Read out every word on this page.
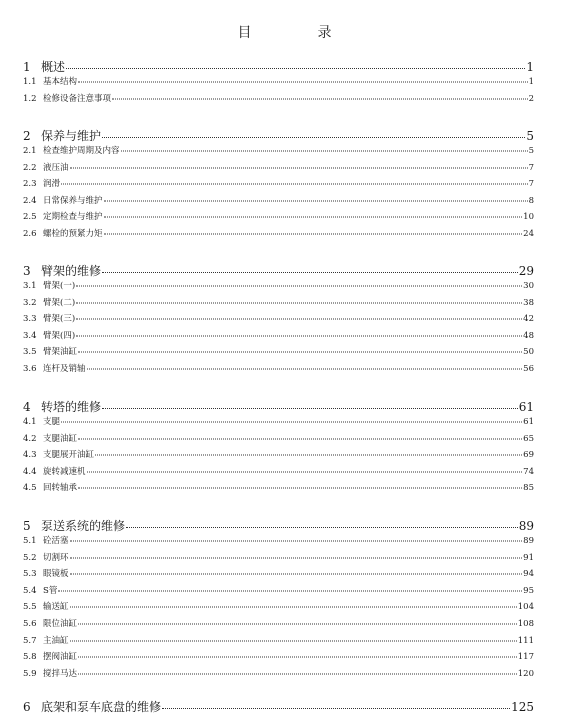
目　录
1 概述	1
1.1 基本结构	1
1.2 检修设备注意事项	2
2 保养与维护	5
2.1 检查维护周期及内容	5
2.2 液压油	7
2.3 润滑	7
2.4 日常保养与维护	8
2.5 定期检查与维护	10
2.6 螺栓的预紧力矩	24
3 臂架的维修	29
3.1 臂架(一)	30
3.2 臂架(二)	38
3.3 臂架(三)	42
3.4 臂架(四)	48
3.5 臂架油缸	50
3.6 连杆及销轴	56
4 转塔的维修	61
4.1 支腿	61
4.2 支腿油缸	65
4.3 支腿展开油缸	69
4.4 旋转减速机	74
4.5 回转轴承	85
5 泵送系统的维修	89
5.1 砼活塞	89
5.2 切割环	91
5.3 眼镜板	94
5.4 S管	95
5.5 输送缸	104
5.6 限位油缸	108
5.7 主油缸	111
5.8 摆阀油缸	117
5.9 搅拌马达	120
6 底架和泵车底盘的维修	125
